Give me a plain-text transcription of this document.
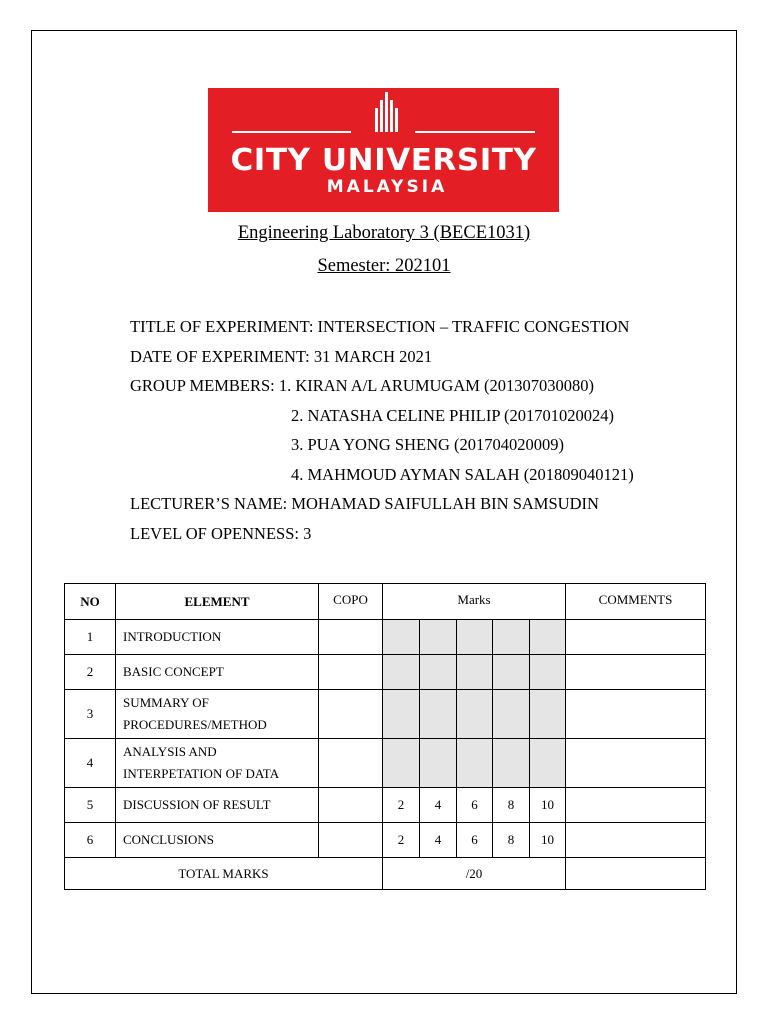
CITY UNIVERSITY
MALAYSIA
Engineering Laboratory 3 (BECE1031)
Semester: 202101
TITLE OF EXPERIMENT: INTERSECTION – TRAFFIC CONGESTION
DATE OF EXPERIMENT: 31 MARCH 2021
GROUP MEMBERS: 1. KIRAN A/L ARUMUGAM (201307030080)
2. NATASHA CELINE PHILIP (201701020024)
3. PUA YONG SHENG (201704020009)
4. MAHMOUD AYMAN SALAH (201809040121)
LECTURER’S NAME: MOHAMAD SAIFULLAH BIN SAMSUDIN
LEVEL OF OPENNESS: 3
NO	ELEMENT	COPO	Marks					COMMENTS
1	INTRODUCTION							
2	BASIC CONCEPT							
3	SUMMARY OF PROCEDURES/METHOD							
4	ANALYSIS AND INTERPETATION OF DATA							
5	DISCUSSION OF RESULT		2	4	6	8	10	
6	CONCLUSIONS		2	4	6	8	10	
TOTAL MARKS			/20					
